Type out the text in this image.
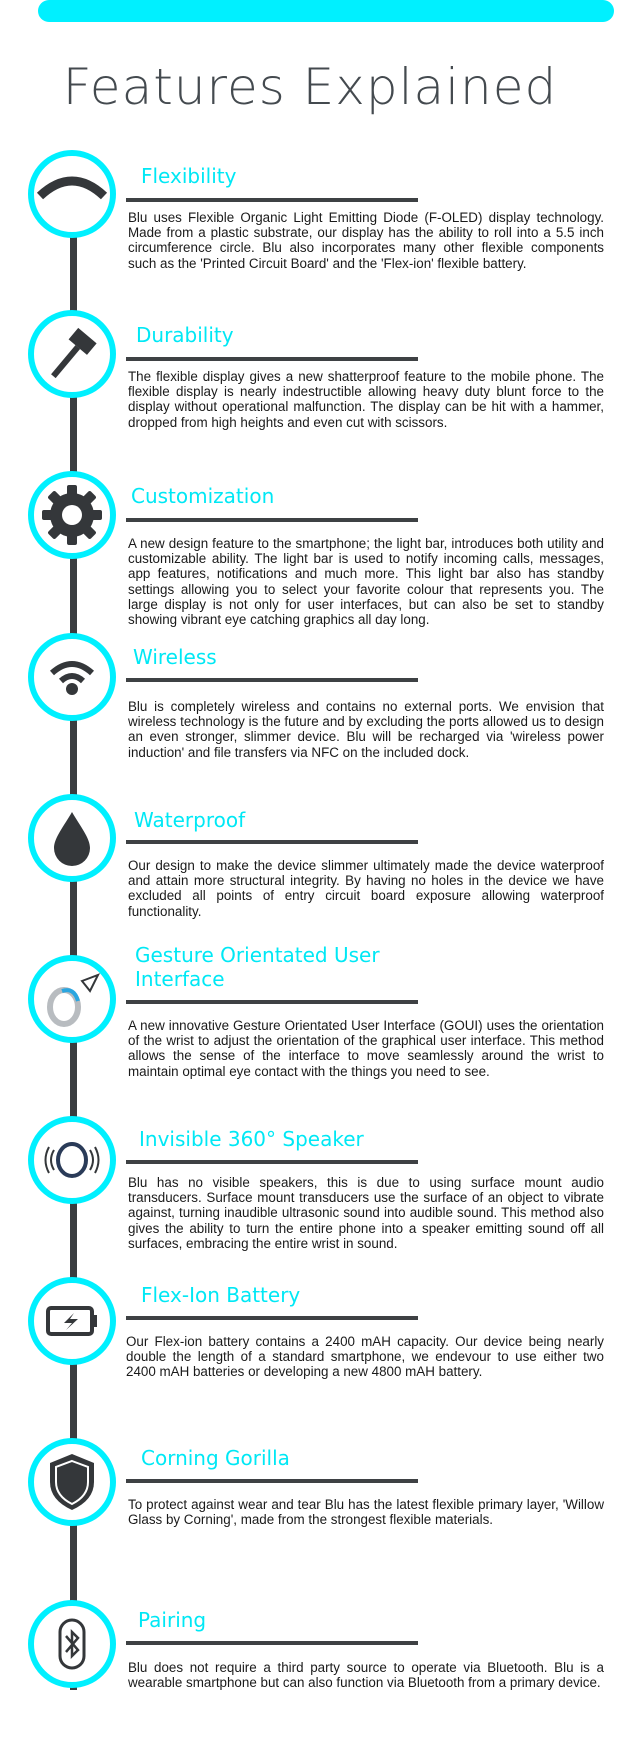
Features Explained
Flexibility
Blu uses Flexible Organic Light Emitting Diode (F-OLED) display technology. Made from a plastic substrate, our display has the ability to roll into a 5.5 inch circumference circle. Blu also incorporates many other flexible components such as the 'Printed Circuit Board' and the 'Flex-ion' flexible battery.
Durability
The flexible display gives a new shatterproof feature to the mobile phone. The flexible display is nearly indestructible allowing heavy duty blunt force to the display without operational malfunction. The display can be hit with a hammer, dropped from high heights and even cut with scissors.
Customization
A new design feature to the smartphone; the light bar, introduces both utility and customizable ability. The light bar is used to notify incoming calls, messages, app features, notifications and much more. This light bar also has standby settings allowing you to select your favorite colour that represents you. The large display is not only for user interfaces, but can also be set to standby showing vibrant eye catching graphics all day long.
Wireless
Blu is completely wireless and contains no external ports. We envision that wireless technology is the future and by excluding the ports allowed us to design an even stronger, slimmer device. Blu will be recharged via 'wireless power induction' and file transfers via NFC on the included dock.
Waterproof
Our design to make the device slimmer ultimately made the device waterproof and attain more structural integrity. By having no holes in the device we have excluded all points of entry circuit board exposure allowing waterproof functionality.
Gesture Orientated User Interface
A new innovative Gesture Orientated User Interface (GOUI) uses the orientation of the wrist to adjust the orientation of the graphical user interface. This method allows the sense of the interface to move seamlessly around the wrist to maintain optimal eye contact with the things you need to see.
Invisible 360° Speaker
Blu has no visible speakers, this is due to using surface mount audio transducers. Surface mount transducers use the surface of an object to vibrate against, turning inaudible ultrasonic sound into audible sound. This method also gives the ability to turn the entire phone into a speaker emitting sound off all surfaces, embracing the entire wrist in sound.
Flex-Ion Battery
Our Flex-ion battery contains a 2400 mAH capacity. Our device being nearly double the length of a standard smartphone, we endevour to use either two 2400 mAH batteries or developing a new 4800 mAH battery.
Corning Gorilla
To protect against wear and tear Blu has the latest flexible primary layer, 'Willow Glass by Corning', made from the strongest flexible materials.
Pairing
Blu does not require a third party source to operate via Bluetooth. Blu is a wearable smartphone but can also function via Bluetooth from a primary device.
